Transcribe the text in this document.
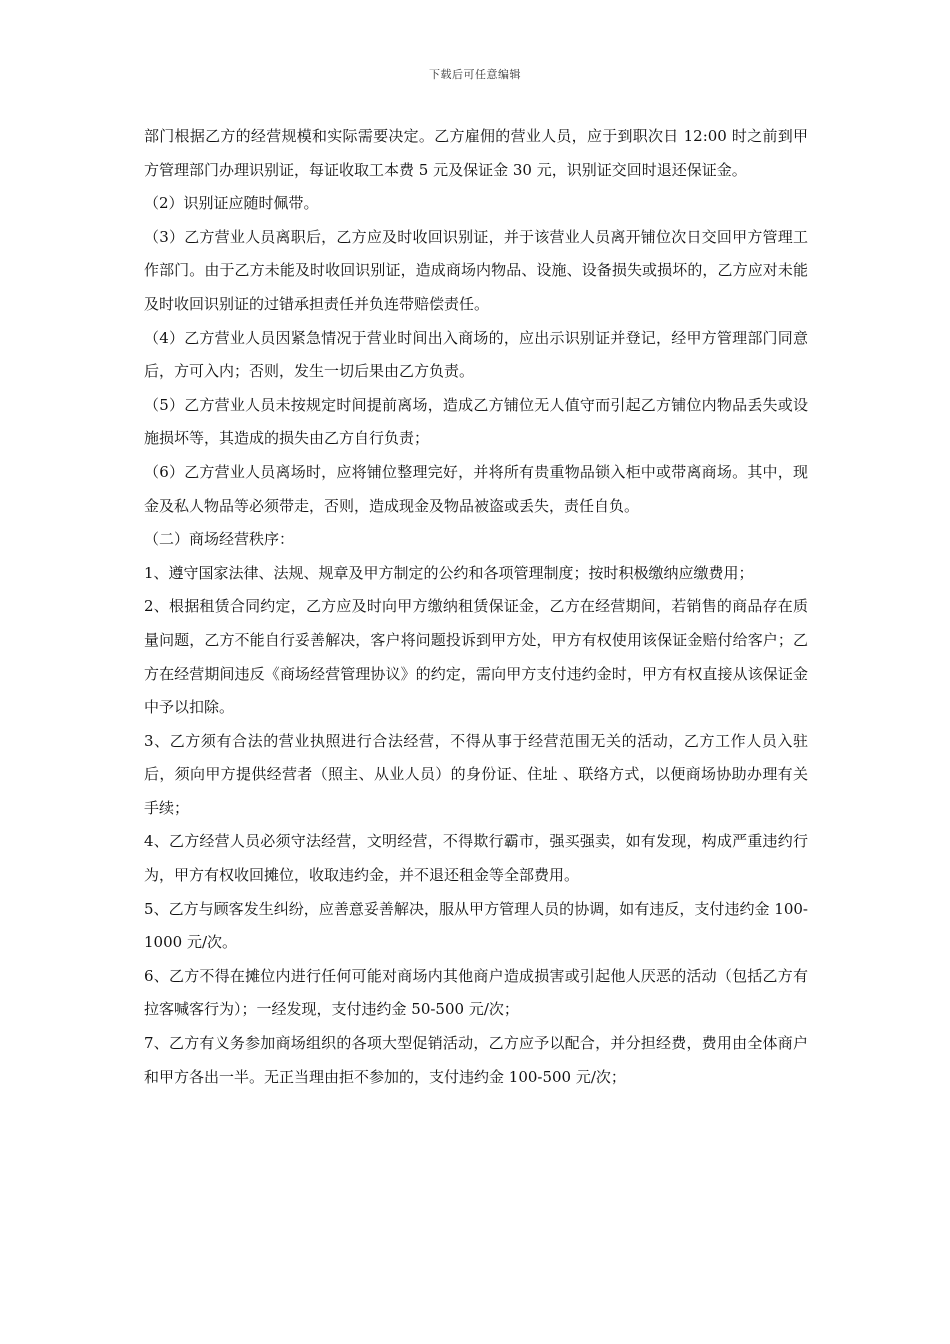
下载后可任意编辑

部门根据乙方的经营规模和实际需要决定。乙方雇佣的营业人员，应于到职次日 12:00 时之前到甲方管理部门办理识别证，每证收取工本费 5 元及保证金 30 元，识别证交回时退还保证金。

（2）识别证应随时佩带。

（3）乙方营业人员离职后，乙方应及时收回识别证，并于该营业人员离开铺位次日交回甲方管理工作部门。由于乙方未能及时收回识别证，造成商场内物品、设施、设备损失或损坏的，乙方应对未能及时收回识别证的过错承担责任并负连带赔偿责任。

（4）乙方营业人员因紧急情况于营业时间出入商场的，应出示识别证并登记，经甲方管理部门同意后，方可入内；否则，发生一切后果由乙方负责。

（5）乙方营业人员未按规定时间提前离场，造成乙方铺位无人值守而引起乙方铺位内物品丢失或设施损坏等，其造成的损失由乙方自行负责；

（6）乙方营业人员离场时，应将铺位整理完好，并将所有贵重物品锁入柜中或带离商场。其中，现金及私人物品等必须带走，否则，造成现金及物品被盗或丢失，责任自负。

（二）商场经营秩序：

1、遵守国家法律、法规、规章及甲方制定的公约和各项管理制度；按时积极缴纳应缴费用；

2、根据租赁合同约定，乙方应及时向甲方缴纳租赁保证金，乙方在经营期间，若销售的商品存在质量问题，乙方不能自行妥善解决，客户将问题投诉到甲方处，甲方有权使用该保证金赔付给客户；乙方在经营期间违反《商场经营管理协议》的约定，需向甲方支付违约金时，甲方有权直接从该保证金中予以扣除。

3、乙方须有合法的营业执照进行合法经营，不得从事于经营范围无关的活动，乙方工作人员入驻后，须向甲方提供经营者（照主、从业人员）的身份证、住址 、联络方式，以便商场协助办理有关手续；

4、乙方经营人员必须守法经营，文明经营，不得欺行霸市，强买强卖，如有发现，构成严重违约行为，甲方有权收回摊位，收取违约金，并不退还租金等全部费用。

5、乙方与顾客发生纠纷，应善意妥善解决，服从甲方管理人员的协调，如有违反，支付违约金 100-1000 元/次。

6、乙方不得在摊位内进行任何可能对商场内其他商户造成损害或引起他人厌恶的活动（包括乙方有拉客喊客行为）；一经发现，支付违约金 50-500 元/次；

7、乙方有义务参加商场组织的各项大型促销活动，乙方应予以配合，并分担经费，费用由全体商户和甲方各出一半。无正当理由拒不参加的，支付违约金 100-500 元/次；
